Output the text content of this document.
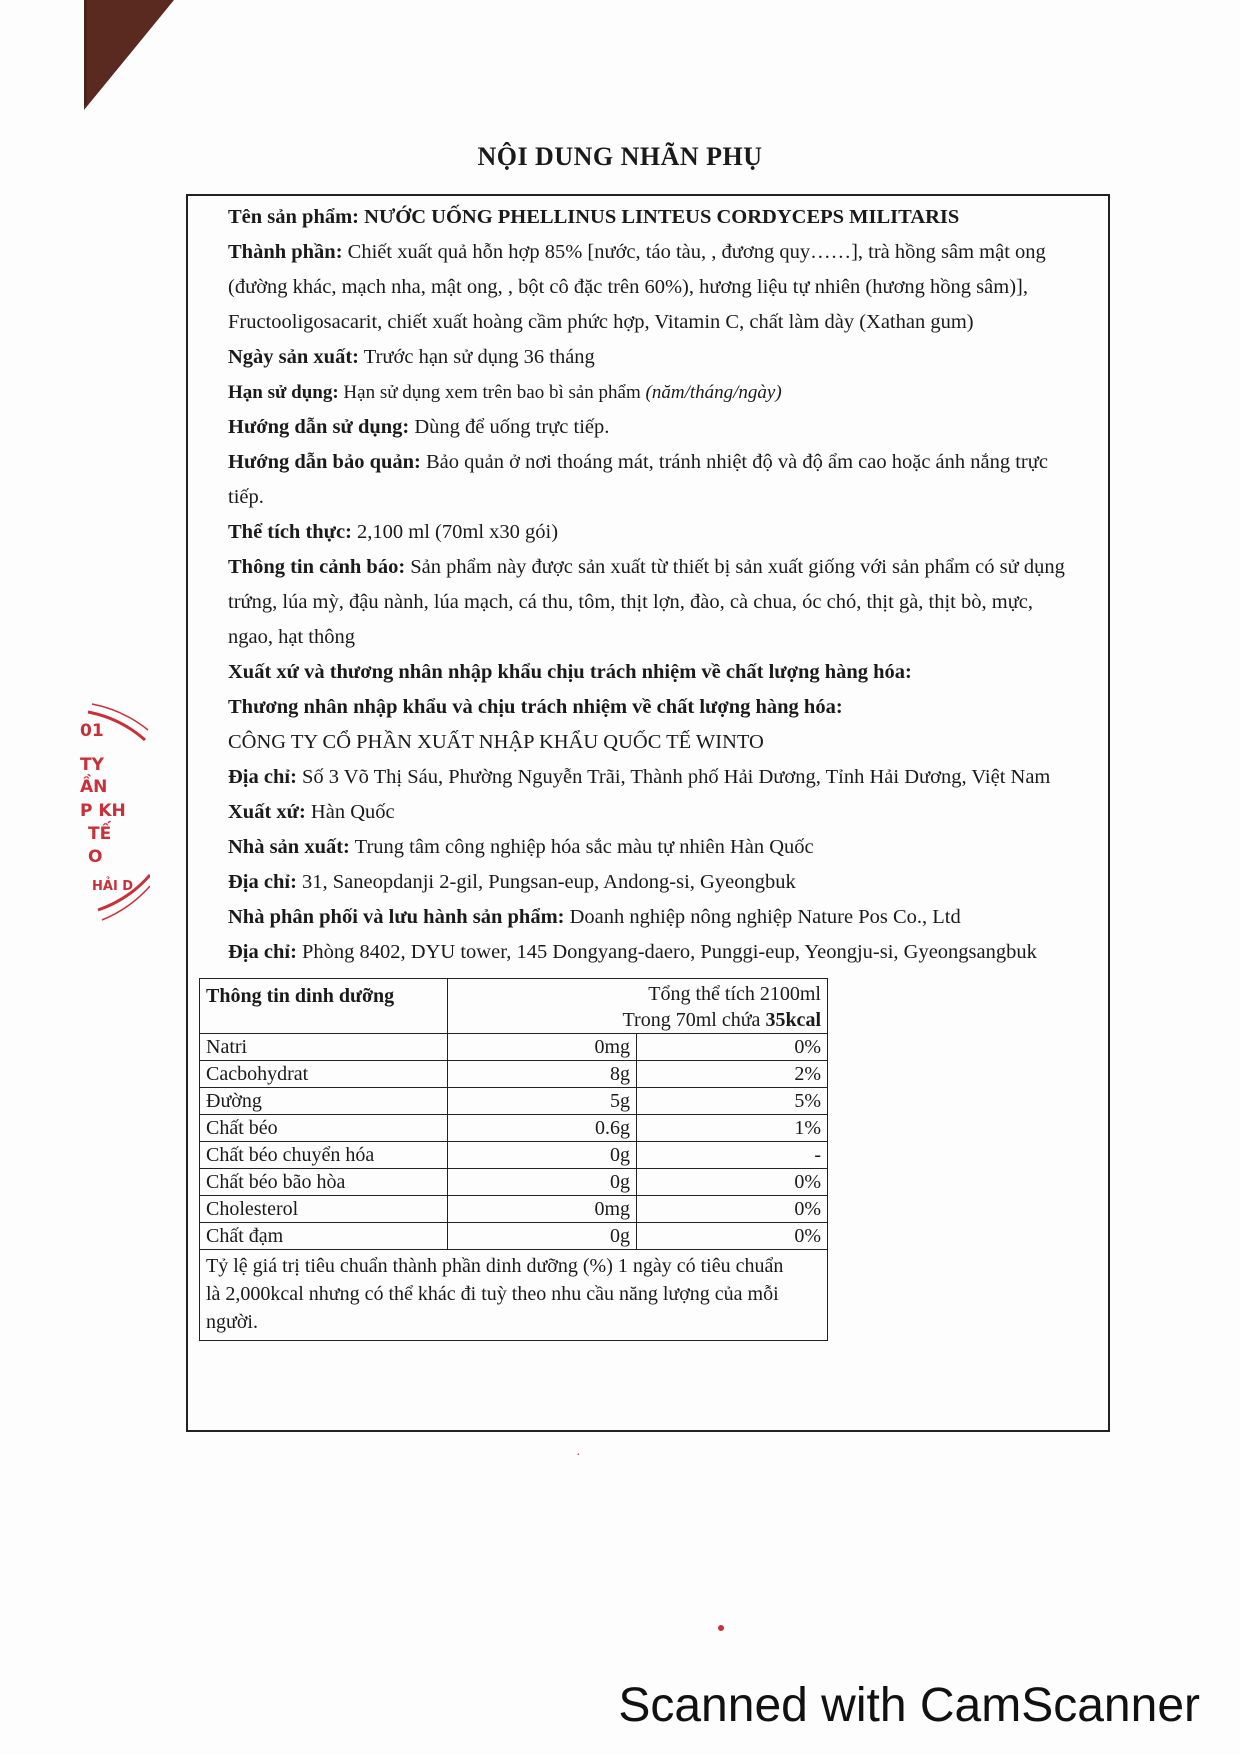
NỘI DUNG NHÃN PHỤ

Tên sản phẩm: NƯỚC UỐNG PHELLINUS LINTEUS CORDYCEPS MILITARIS

Thành phần: Chiết xuất quả hỗn hợp 85% [nước, táo tàu, , đương quy……], trà hồng sâm mật ong

(đường khác, mạch nha, mật ong, , bột cô đặc trên 60%), hương liệu tự nhiên (hương hồng sâm)],

Fructooligosacarit, chiết xuất hoàng cầm phức hợp, Vitamin C, chất làm dày (Xathan gum)

Ngày sản xuất: Trước hạn sử dụng 36 tháng

Hạn sử dụng: Hạn sử dụng xem trên bao bì sản phẩm (năm/tháng/ngày)

Hướng dẫn sử dụng: Dùng để uống trực tiếp.

Hướng dẫn bảo quản: Bảo quản ở nơi thoáng mát, tránh nhiệt độ và độ ẩm cao hoặc ánh nắng trực

tiếp.

Thể tích thực: 2,100 ml (70ml x30 gói)

Thông tin cảnh báo: Sản phẩm này được sản xuất từ thiết bị sản xuất giống với sản phẩm có sử dụng

trứng, lúa mỳ, đậu nành, lúa mạch, cá thu, tôm, thịt lợn, đào, cà chua, óc chó, thịt gà, thịt bò, mực,

ngao, hạt thông

Xuất xứ và thương nhân nhập khẩu chịu trách nhiệm về chất lượng hàng hóa:

Thương nhân nhập khẩu và chịu trách nhiệm về chất lượng hàng hóa:

CÔNG TY CỔ PHẦN XUẤT NHẬP KHẨU QUỐC TẾ WINTO

Địa chỉ: Số 3 Võ Thị Sáu, Phường Nguyễn Trãi, Thành phố Hải Dương, Tỉnh Hải Dương, Việt Nam

Xuất xứ: Hàn Quốc

Nhà sản xuất: Trung tâm công nghiệp hóa sắc màu tự nhiên Hàn Quốc

Địa chỉ: 31, Saneopdanji 2-gil, Pungsan-eup, Andong-si, Gyeongbuk

Nhà phân phối và lưu hành sản phẩm: Doanh nghiệp nông nghiệp Nature Pos Co., Ltd

Địa chỉ: Phòng 8402, DYU tower, 145 Dongyang-daero, Punggi-eup, Yeongju-si, Gyeongsangbuk

Thông tin dinh dưỡng	Tổng thể tích 2100ml
Trong 70ml chứa 35kcal	

Natri	0mg	0%
Cacbohydrat	8g	2%
Đường	5g	5%
Chất béo	0.6g	1%
Chất béo chuyển hóa	0g	-
Chất béo bão hòa	0g	0%
Cholesterol	0mg	0%
Chất đạm	0g	0%

Tỷ lệ giá trị tiêu chuẩn thành phần dinh dưỡng (%) 1 ngày có tiêu chuẩn
là 2,000kcal nhưng có thể khác đi tuỳ theo nhu cầu năng lượng của mỗi
người.		
01
TY
ẦN
P KH
TẾ
O
HẢI D
·
Scanned with CamScanner
